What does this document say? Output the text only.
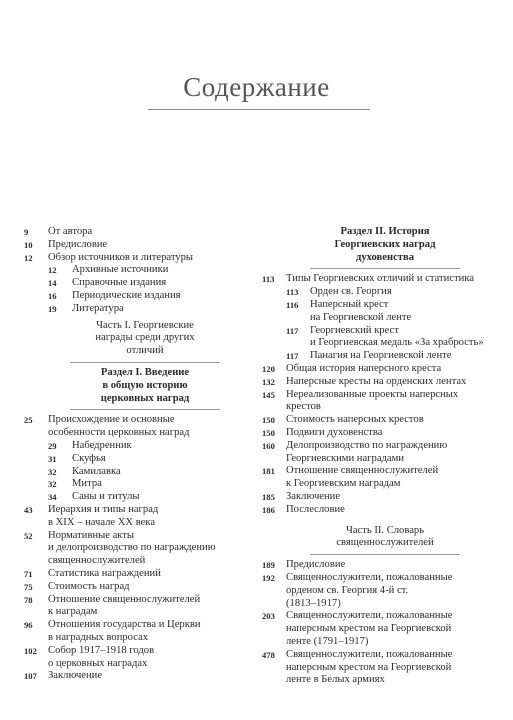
Содержание
9	От автора
10	Предисловие
12	Обзор источников и литературы
12	Архивные источники
14	Справочные издания
16	Периодические издания
19	Литература
Часть I. Георгиевские
награды среди других
отличий
Раздел I. Введение
в общую историю
церковных наград
25	Происхождение и основные
особенности церковных наград
29	Набедренник
31	Скуфья
32	Камилавка
32	Митра
34	Саны и титулы
43	Иерархия и типы наград
в XIX – начале XX века
52	Нормативные акты
и делопроизводство по награждению
священнослужителей
71	Статистика награждений
75	Стоимость наград
78	Отношение священнослужителей
к наградам
96	Отношения государства и Церкви
в наградных вопросах
102	Собор 1917–1918 годов
о церковных наградах
107	Заключение
Раздел II. История
Георгиевских наград
духовенства
113	Типы Георгиевских отличий и статистика
113	Орден св. Георгия
116	Наперсный крест
на Георгиевской ленте
117	Георгиевский крест
и Георгиевская медаль «За храбрость»
117	Панагия на Георгиевской ленте
120	Общая история наперсного креста
132	Наперсные кресты на орденских лентах
145	Нереализованные проекты наперсных
крестов
150	Стоимость наперсных крестов
150	Подвиги духовенства
160	Делопроизводство по награждению
Георгиевскими наградами
181	Отношение священнослужителей
к Георгиевским наградам
185	Заключение
186	Послесловие
Часть II. Словарь
священнослужителей
189	Предисловие
192	Священнослужители, пожалованные
орденом св. Георгия 4-й ст.
(1813–1917)
203	Священнослужители, пожалованные
наперсным крестом на Георгиевской
ленте (1791–1917)
478	Священнослужители, пожалованные
наперсным крестом на Георгиевской
ленте в Белых армиях
